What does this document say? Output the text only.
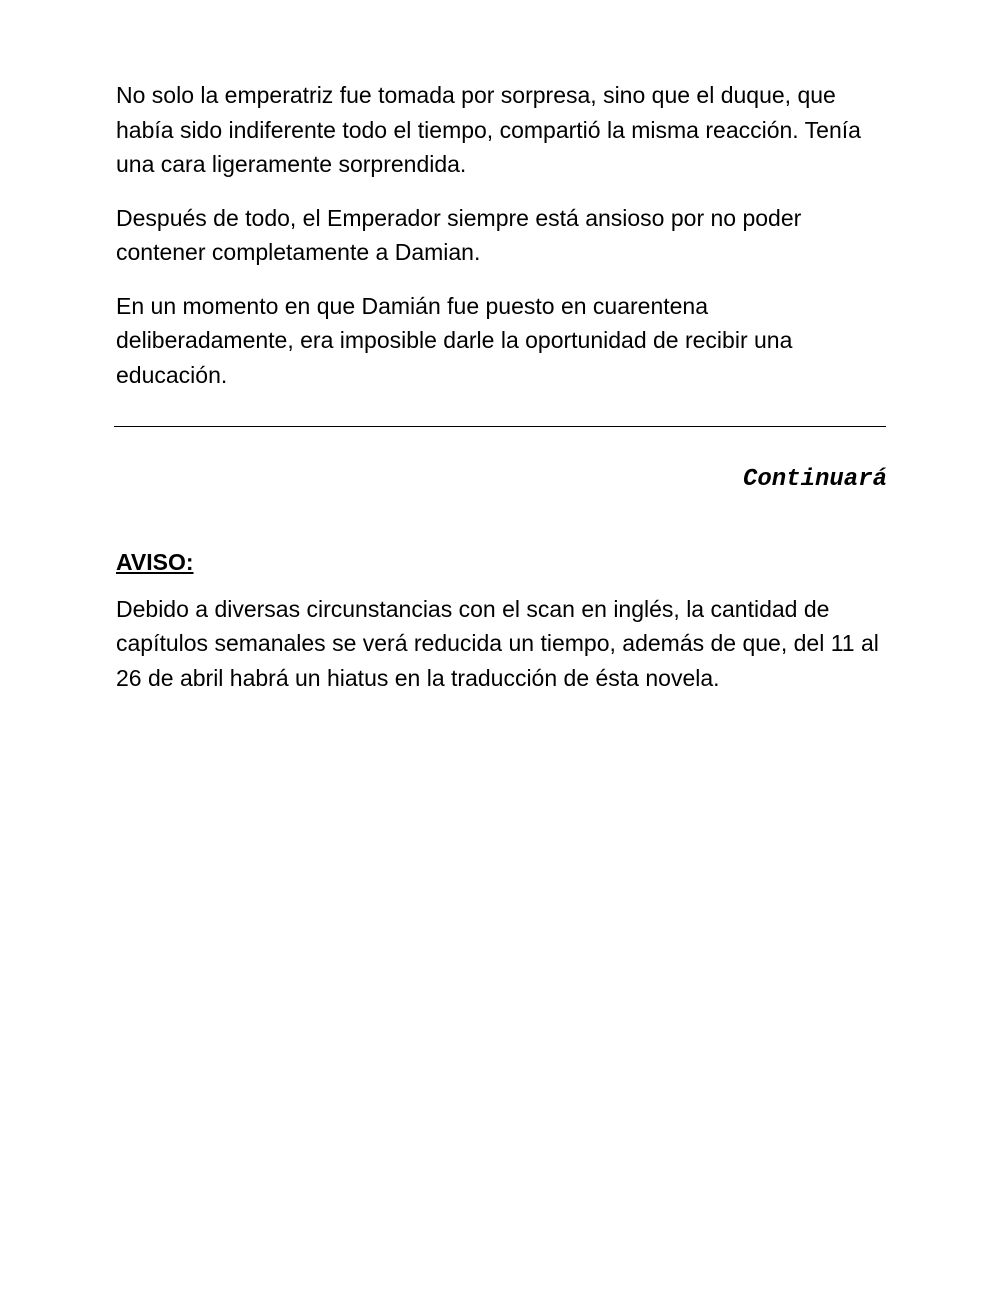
No solo la emperatriz fue tomada por sorpresa, sino que el duque, que había sido indiferente todo el tiempo, compartió la misma reacción. Tenía una cara ligeramente sorprendida.

Después de todo, el Emperador siempre está ansioso por no poder contener completamente a Damian.

En un momento en que Damián fue puesto en cuarentena deliberadamente, era imposible darle la oportunidad de recibir una educación.

Continuará
AVISO:

Debido a diversas circunstancias con el scan en inglés, la cantidad de capítulos semanales se verá reducida un tiempo, además de que, del 11 al 26 de abril habrá un hiatus en la traducción de ésta novela.
